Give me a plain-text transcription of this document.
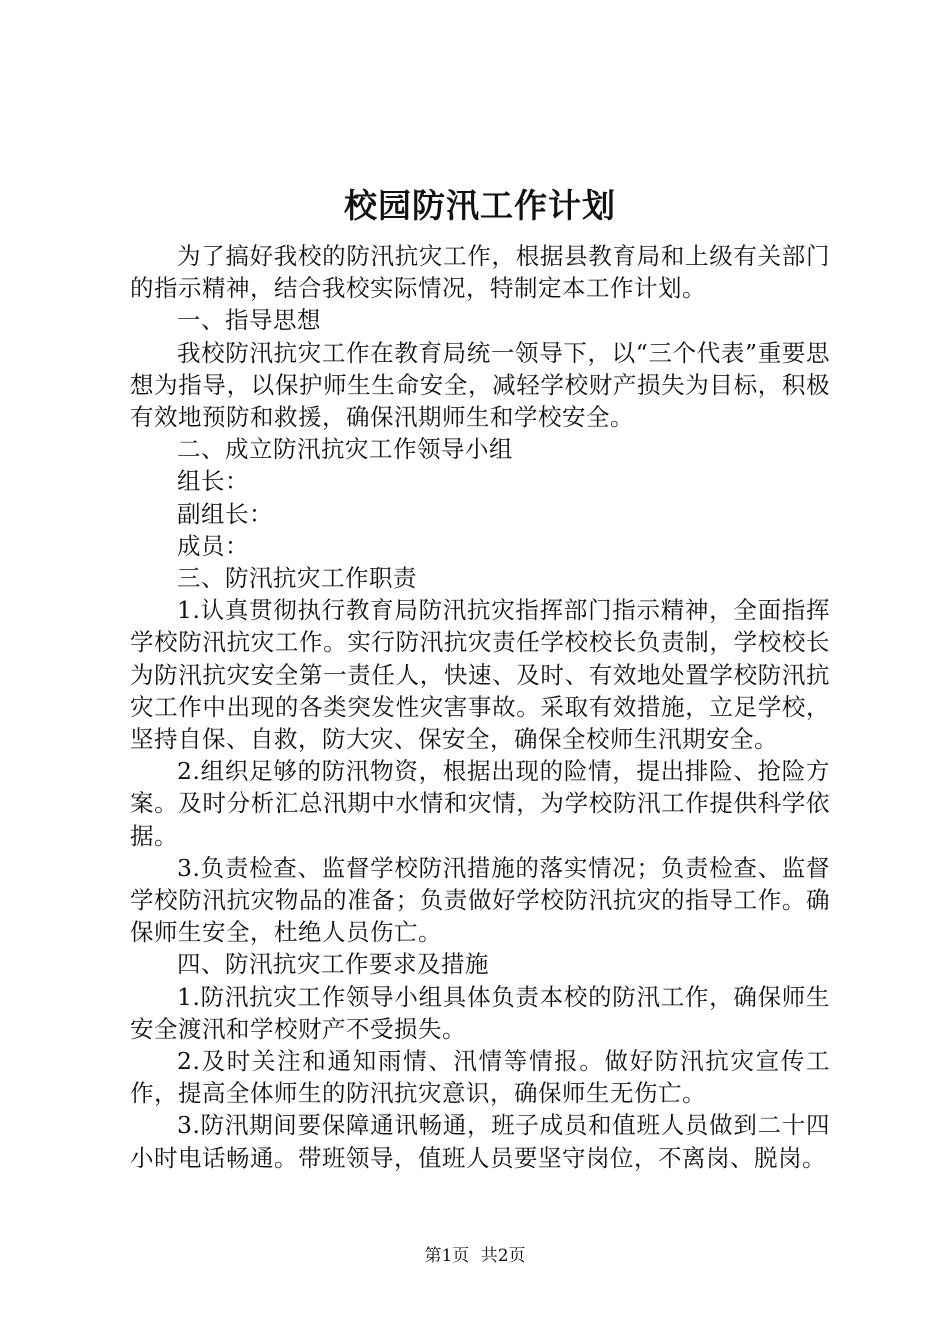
校园防汛工作计划

为了搞好我校的防汛抗灾工作，根据县教育局和上级有关部门的指示精神，结合我校实际情况，特制定本工作计划。

一、指导思想

我校防汛抗灾工作在教育局统一领导下，以“三个代表”重要思想为指导，以保护师生生命安全，减轻学校财产损失为目标，积极有效地预防和救援，确保汛期师生和学校安全。

二、成立防汛抗灾工作领导小组

组长：

副组长：

成员：

三、防汛抗灾工作职责

1.认真贯彻执行教育局防汛抗灾指挥部门指示精神，全面指挥学校防汛抗灾工作。实行防汛抗灾责任学校校长负责制，学校校长为防汛抗灾安全第一责任人，快速、及时、有效地处置学校防汛抗灾工作中出现的各类突发性灾害事故。采取有效措施，立足学校，坚持自保、自救，防大灾、保安全，确保全校师生汛期安全。

2.组织足够的防汛物资，根据出现的险情，提出排险、抢险方案。及时分析汇总汛期中水情和灾情，为学校防汛工作提供科学依据。

3.负责检查、监督学校防汛措施的落实情况；负责检查、监督学校防汛抗灾物品的准备；负责做好学校防汛抗灾的指导工作。确保师生安全，杜绝人员伤亡。

四、防汛抗灾工作要求及措施

1.防汛抗灾工作领导小组具体负责本校的防汛工作，确保师生安全渡汛和学校财产不受损失。

2.及时关注和通知雨情、汛情等情报。做好防汛抗灾宣传工作，提高全体师生的防汛抗灾意识，确保师生无伤亡。

3.防汛期间要保障通讯畅通，班子成员和值班人员做到二十四小时电话畅通。带班领导，值班人员要坚守岗位，不离岗、脱岗。

第1页 共2页
